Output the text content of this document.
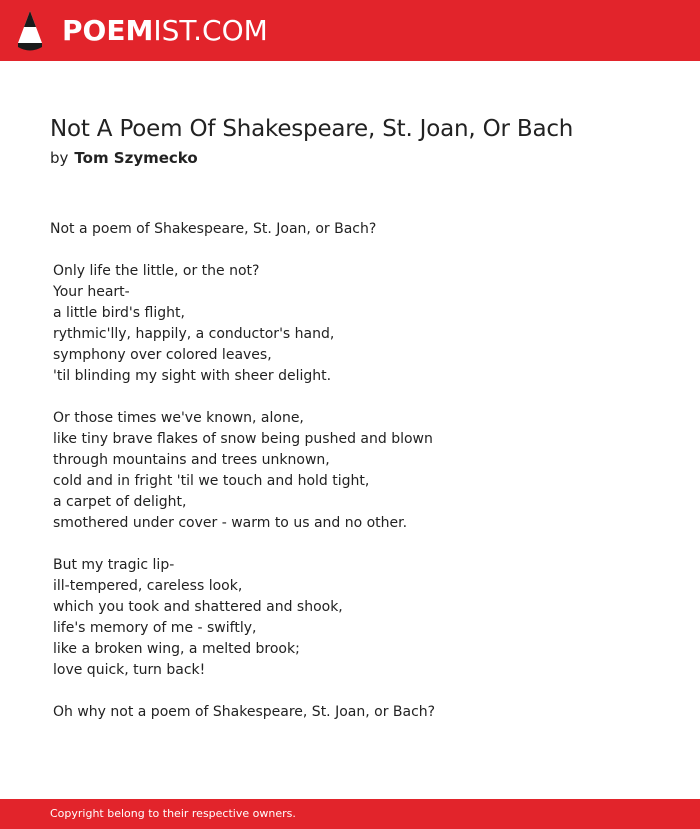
POEMIST.COM
Not A Poem Of Shakespeare, St. Joan, Or Bach
by Tom Szymecko
Not a poem of Shakespeare, St. Joan, or Bach?
Only life the little, or the not?
Your heart-
a little bird's flight,
rythmic'lly, happily, a conductor's hand,
symphony over colored leaves,
'til blinding my sight with sheer delight.
Or those times we've known, alone,
like tiny brave flakes of snow being pushed and blown
through mountains and trees unknown,
cold and in fright 'til we touch and hold tight,
a carpet of delight,
smothered under cover - warm to us and no other.
But my tragic lip-
ill-tempered, careless look,
which you took and shattered and shook,
life's memory of me - swiftly,
like a broken wing, a melted brook;
love quick, turn back!
Oh why not a poem of Shakespeare, St. Joan, or Bach?
Copyright belong to their respective owners.
